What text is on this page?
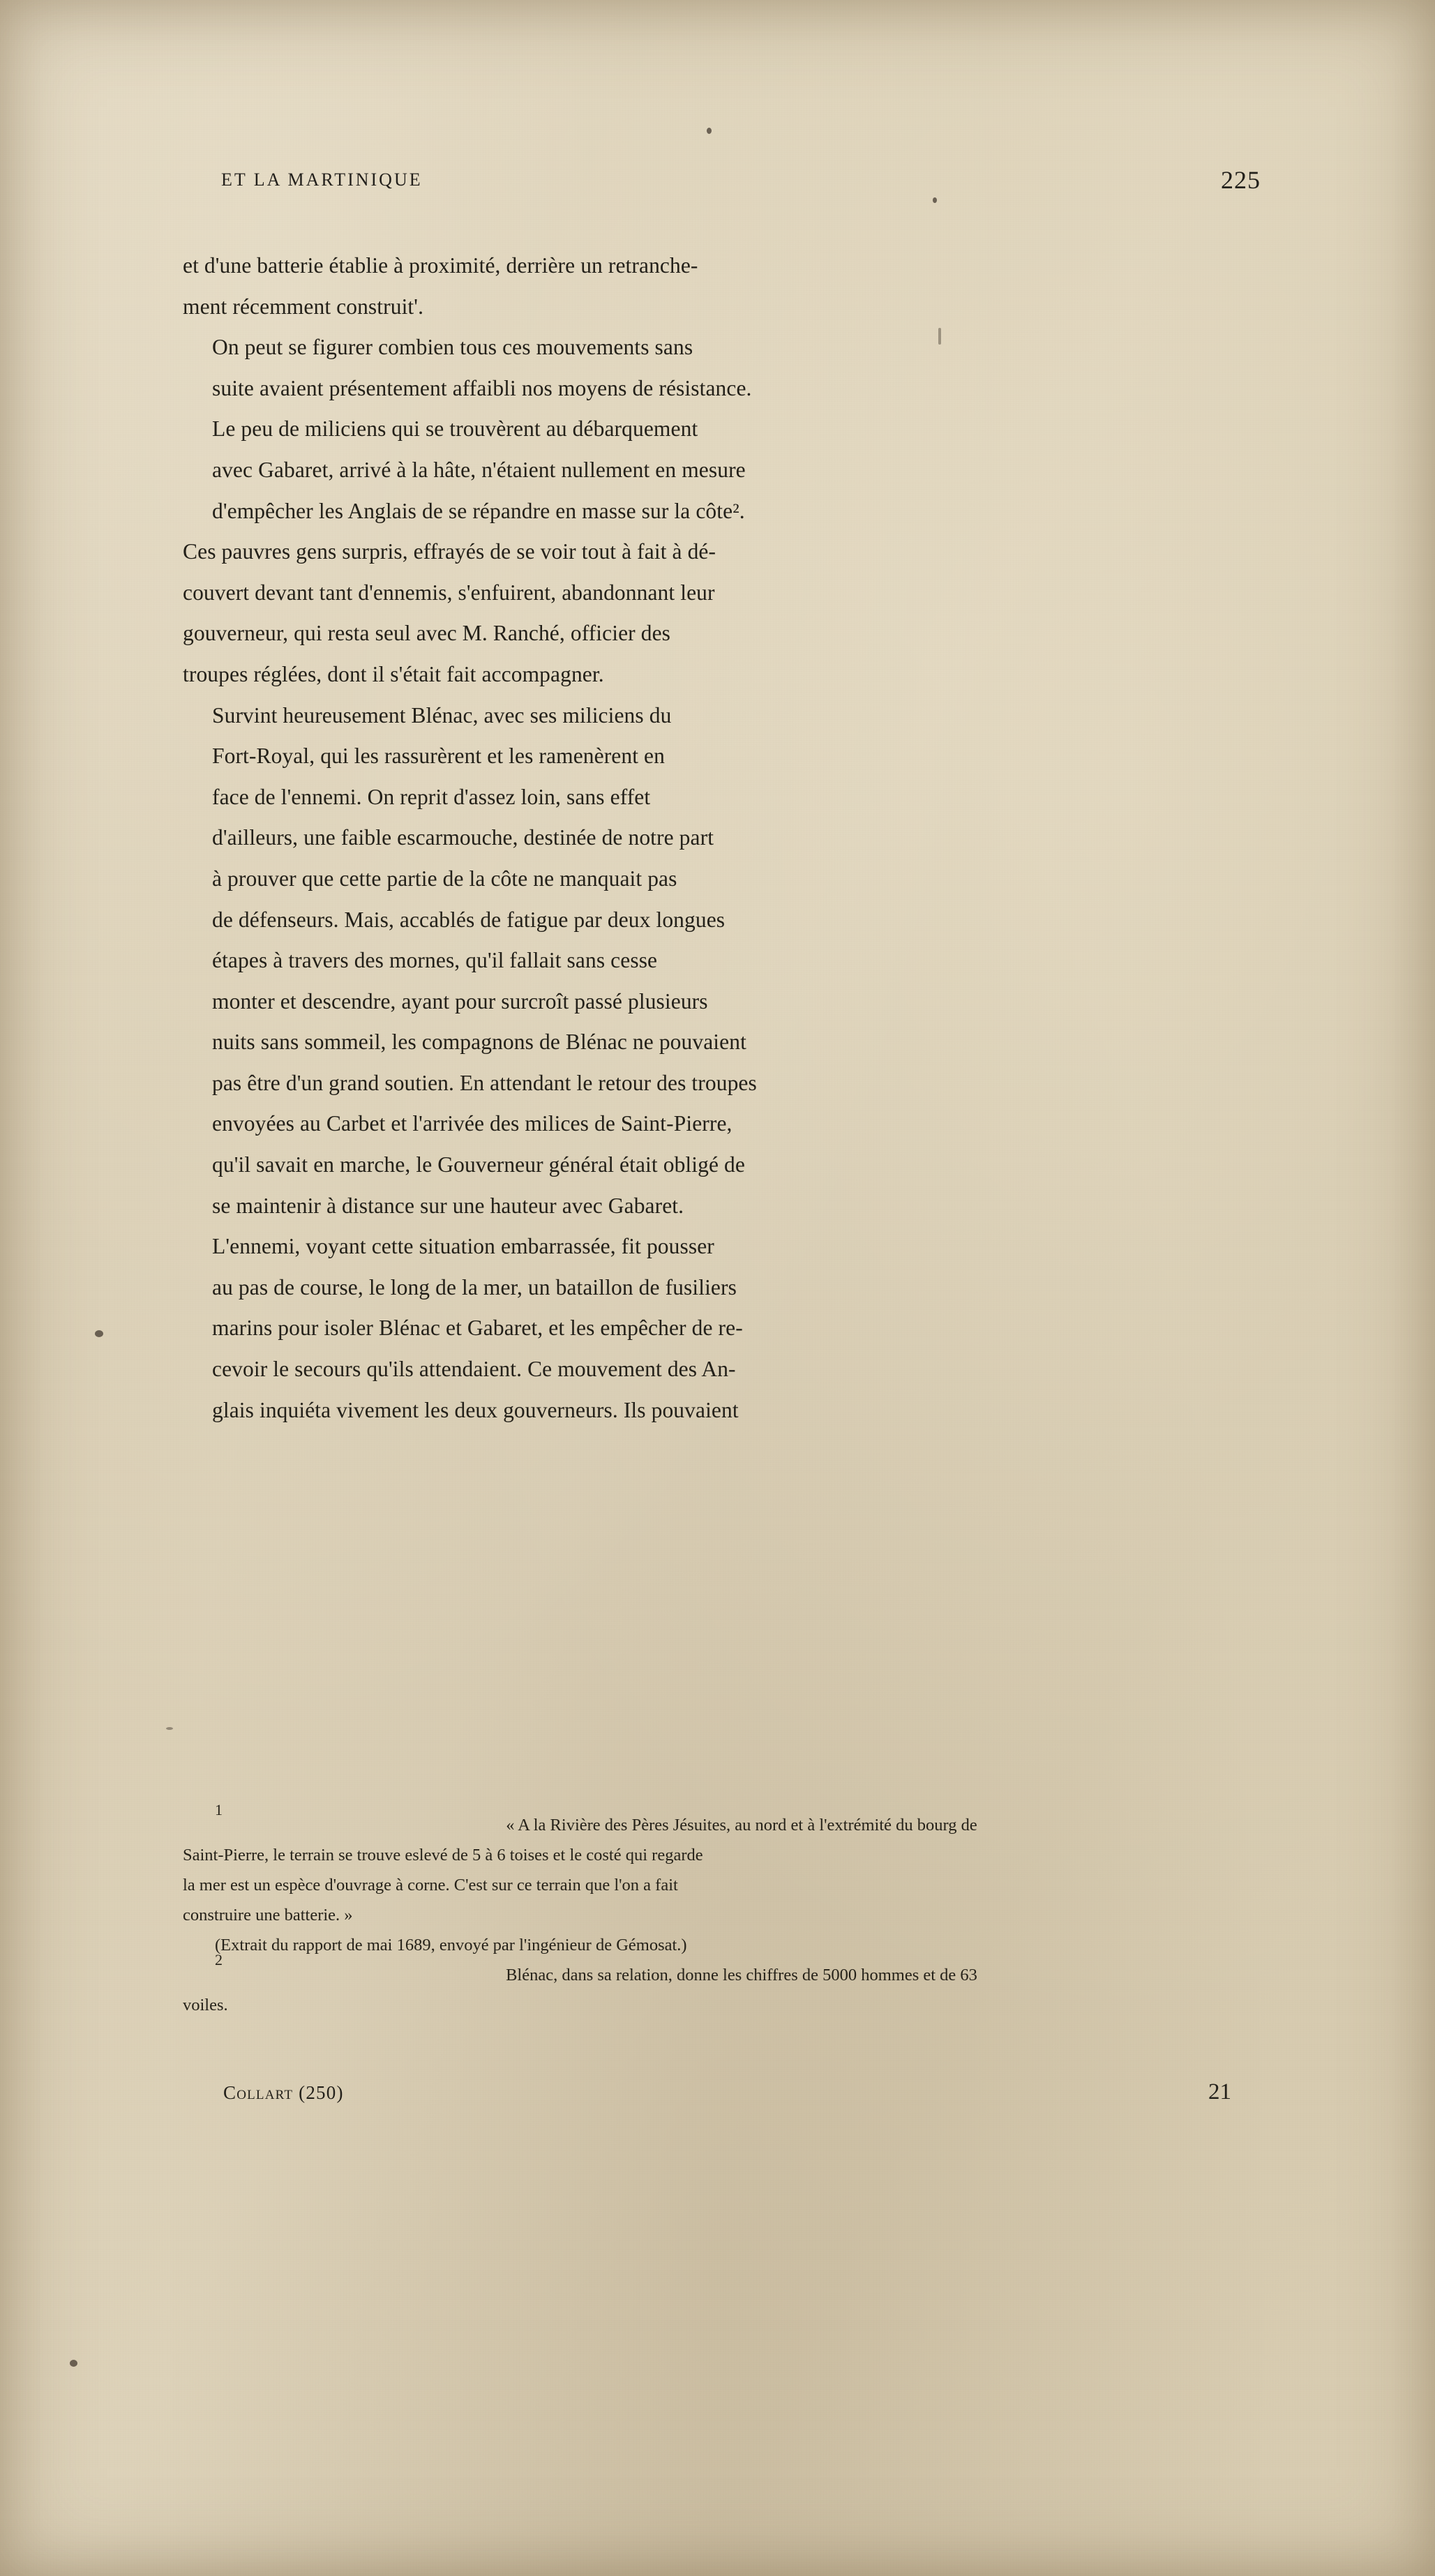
ET LA MARTINIQUE	225

et d'une batterie établie à proximité, derrière un retranche-
ment récemment construit'.

On peut se figurer combien tous ces mouvements sans
suite avaient présentement affaibli nos moyens de résistance.

Le peu de miliciens qui se trouvèrent au débarquement
avec Gabaret, arrivé à la hâte, n'étaient nullement en mesure
d'empêcher les Anglais de se répandre en masse sur la côte².

Ces pauvres gens surpris, effrayés de se voir tout à fait à dé-
couvert devant tant d'ennemis, s'enfuirent, abandonnant leur
gouverneur, qui resta seul avec M. Ranché, officier des
troupes réglées, dont il s'était fait accompagner.

Survint heureusement Blénac, avec ses miliciens du
Fort-Royal, qui les rassurèrent et les ramenèrent en
face de l'ennemi. On reprit d'assez loin, sans effet
d'ailleurs, une faible escarmouche, destinée de notre part
à prouver que cette partie de la côte ne manquait pas
de défenseurs. Mais, accablés de fatigue par deux longues
étapes à travers des mornes, qu'il fallait sans cesse
monter et descendre, ayant pour surcroît passé plusieurs
nuits sans sommeil, les compagnons de Blénac ne pouvaient
pas être d'un grand soutien. En attendant le retour des troupes
envoyées au Carbet et l'arrivée des milices de Saint-Pierre,
qu'il savait en marche, le Gouverneur général était obligé de
se maintenir à distance sur une hauteur avec Gabaret.

L'ennemi, voyant cette situation embarrassée, fit pousser
au pas de course, le long de la mer, un bataillon de fusiliers
marins pour isoler Blénac et Gabaret, et les empêcher de re-
cevoir le secours qu'ils attendaient. Ce mouvement des An-
glais inquiéta vivement les deux gouverneurs. Ils pouvaient

1
« A la Rivière des Pères Jésuites, au nord et à l'extrémité du bourg de
Saint-Pierre, le terrain se trouve eslevé de 5 à 6 toises et le costé qui regarde
la mer est un espèce d'ouvrage à corne. C'est sur ce terrain que l'on a fait
construire une batterie. »
(Extrait du rapport de mai 1689, envoyé par l'ingénieur de Gémosat.)
2
Blénac, dans sa relation, donne les chiffres de 5000 hommes et de 63
voiles.
Collart (250)	21
